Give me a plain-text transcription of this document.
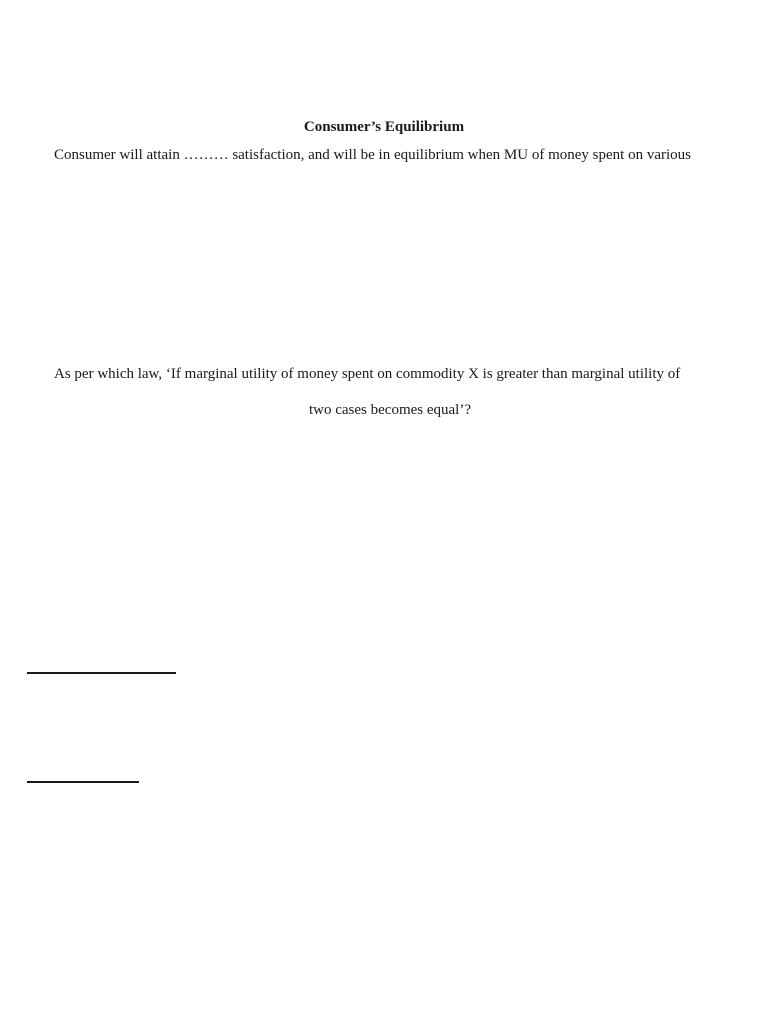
Consumer’s Equilibrium
Consumer will attain ……… satisfaction, and will be in equilibrium when MU of money spent on various
As per which law, ‘If marginal utility of money spent on commodity X is greater than marginal utility of
two cases becomes equal’?
